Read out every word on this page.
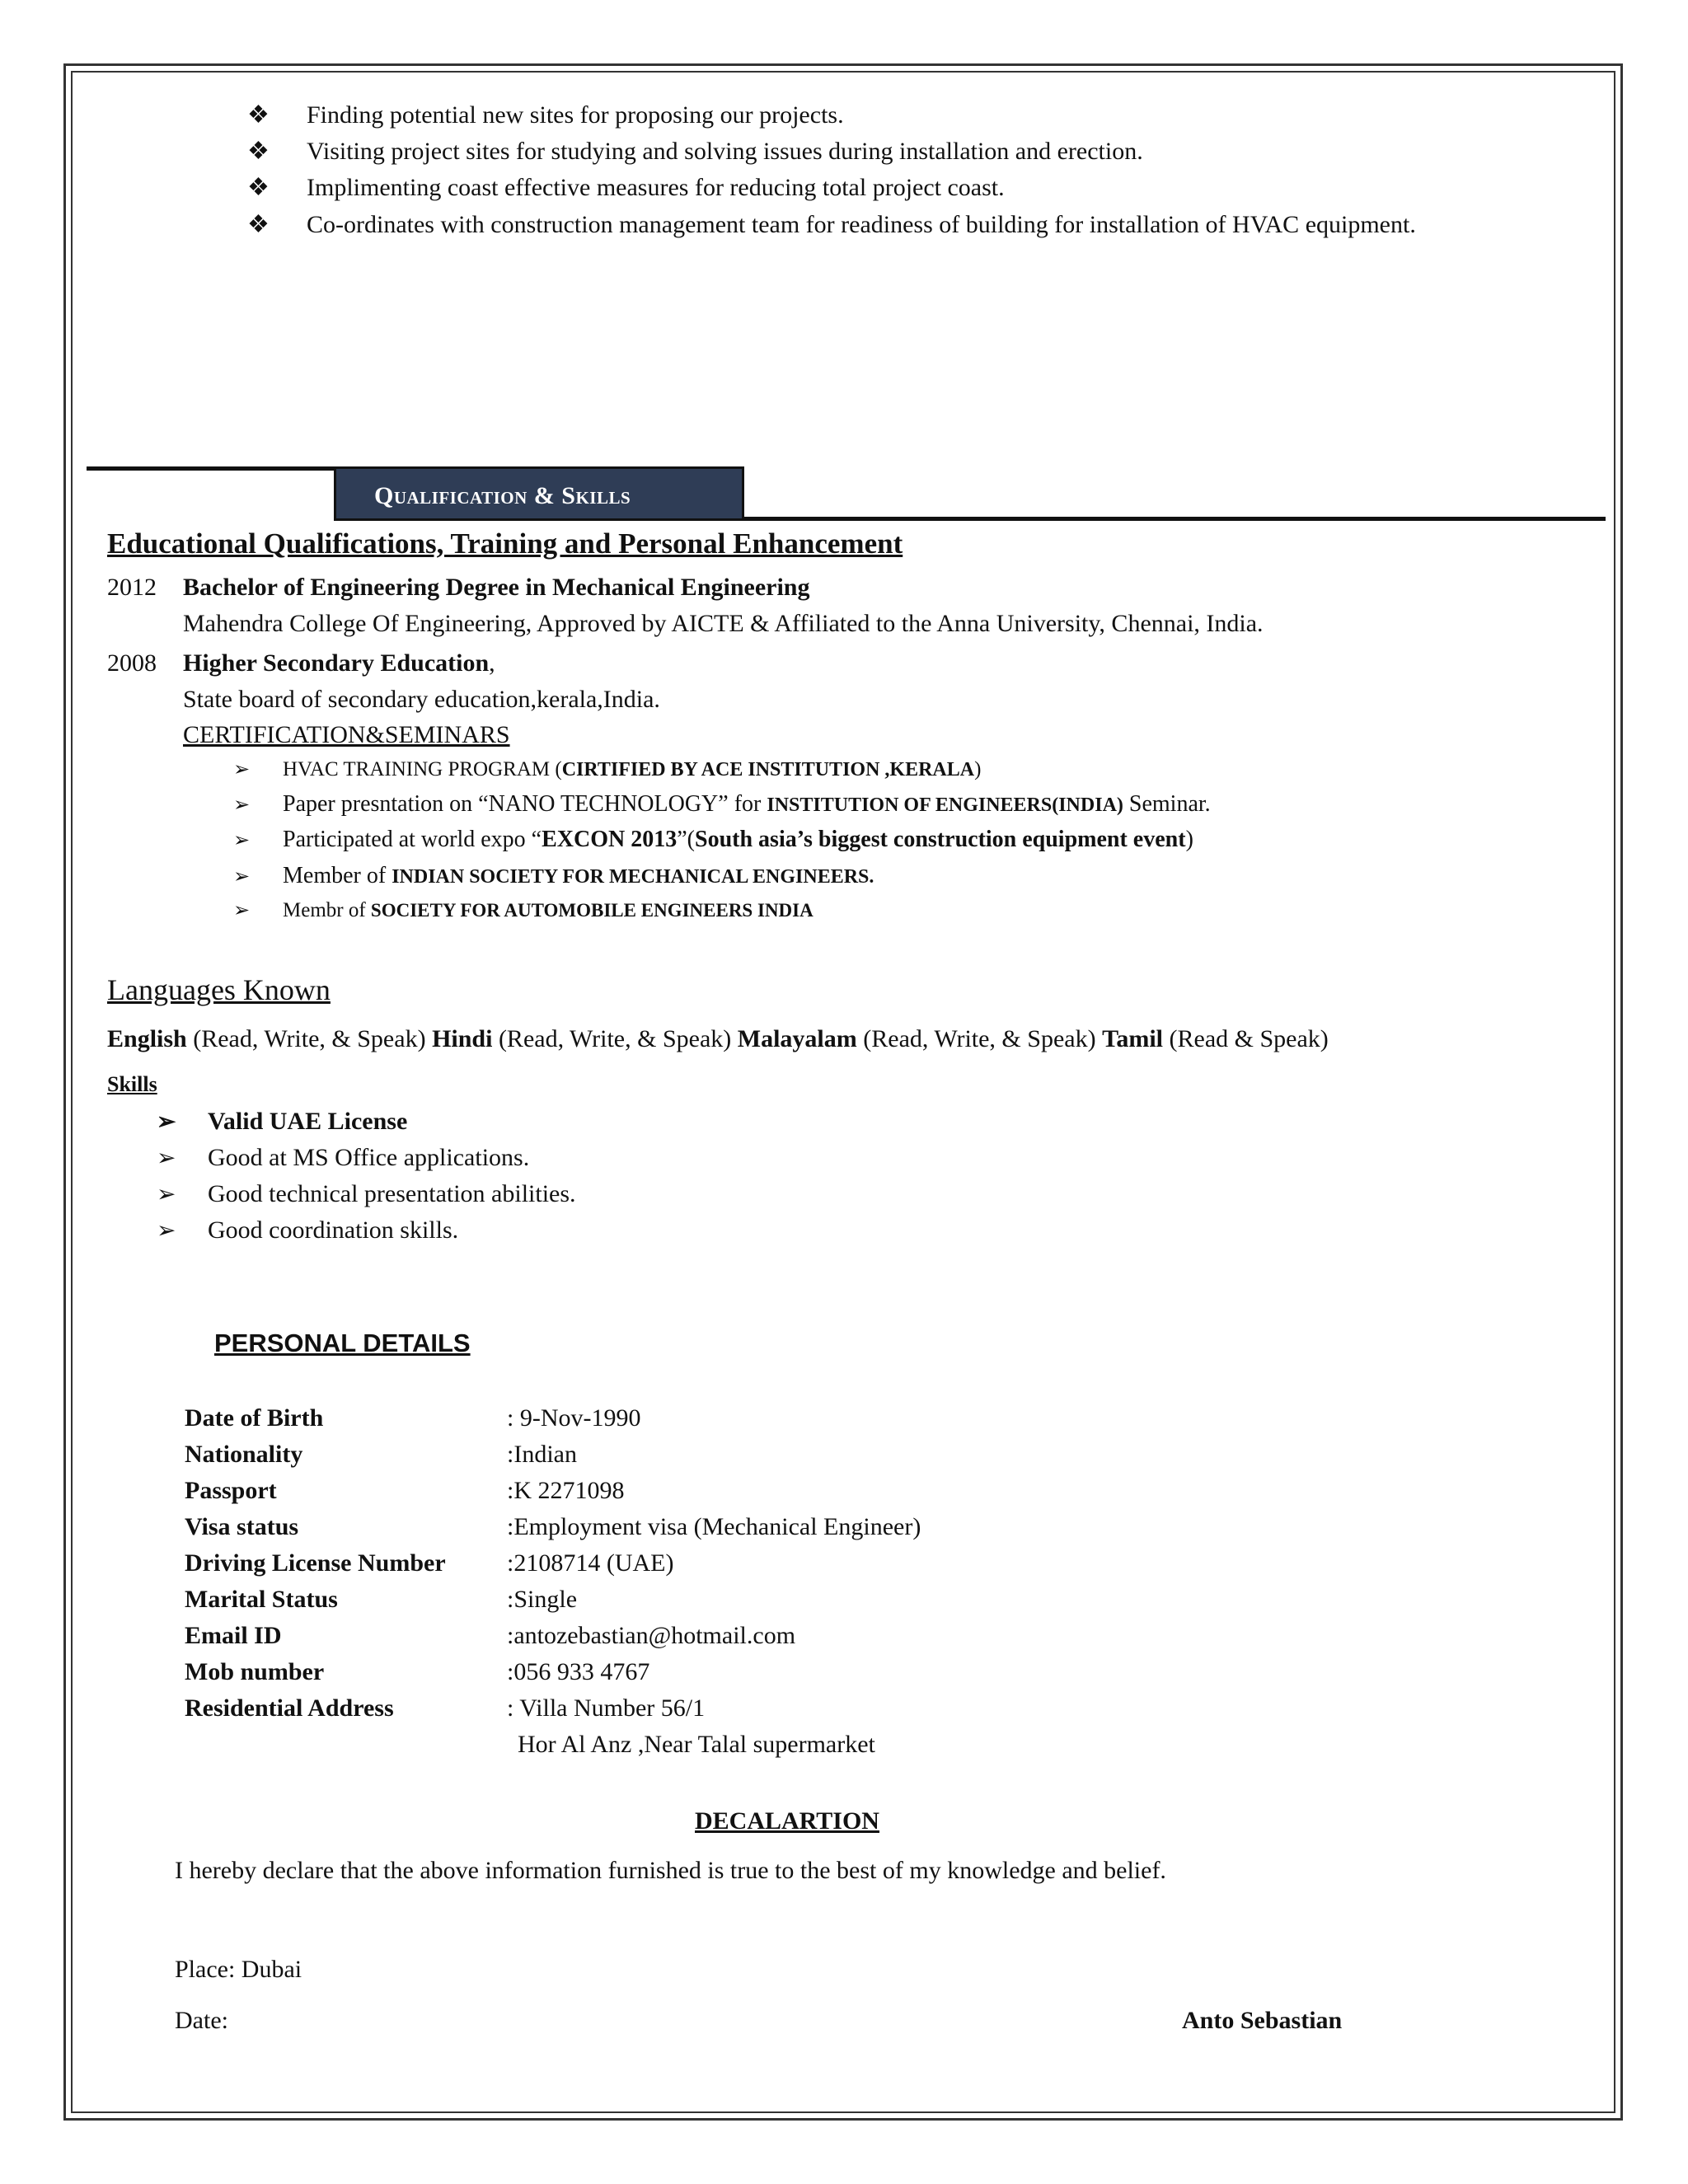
❖ Finding potential new sites for proposing our projects.
❖ Visiting project sites for studying and solving issues during installation and erection.
❖ Implimenting coast effective measures for reducing total project coast.
❖ Co-ordinates with construction management team for readiness of building for installation of HVAC equipment.
Qualification & Skills
Educational Qualifications, Training and Personal Enhancement
2012 Bachelor of Engineering Degree in Mechanical Engineering
Mahendra College Of Engineering, Approved by AICTE & Affiliated to the Anna University, Chennai, India.
2008 Higher Secondary Education,
State board of secondary education,kerala,India.
CERTIFICATION&SEMINARS
➢ HVAC TRAINING PROGRAM (CIRTIFIED BY ACE INSTITUTION ,KERALA)
➢ Paper presntation on “NANO TECHNOLOGY” for INSTITUTION OF ENGINEERS(INDIA) Seminar.
➢ Participated at world expo “EXCON 2013”(South asia’s biggest construction equipment event)
➢ Member of INDIAN SOCIETY FOR MECHANICAL ENGINEERS.
➢ Membr of SOCIETY FOR AUTOMOBILE ENGINEERS INDIA
Languages Known
English (Read, Write, & Speak) Hindi (Read, Write, & Speak) Malayalam (Read, Write, & Speak) Tamil (Read & Speak)
Skills
➢ Valid UAE License
➢ Good at MS Office applications.
➢ Good technical presentation abilities.
➢ Good coordination skills.
PERSONAL DETAILS
Date of Birth	: 9-Nov-1990
Nationality	:Indian
Passport	:K 2271098
Visa status	:Employment visa (Mechanical Engineer)
Driving License Number :2108714 (UAE)
Marital Status	:Single
Email ID	:antozebastian@hotmail.com
Mob number	:056 933 4767
Residential Address	: Villa Number 56/1
Hor Al Anz ,Near Talal supermarket
DECALARTION
I hereby declare that the above information furnished is true to the best of my knowledge and belief.
Place: Dubai
Date:	Anto Sebastian
